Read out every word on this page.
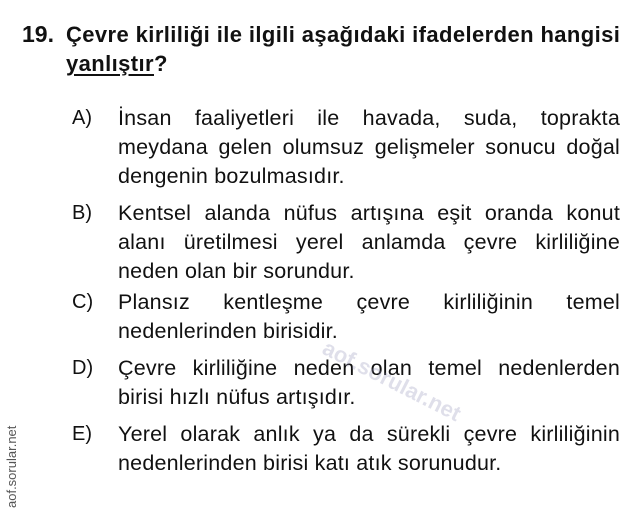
19. Çevre kirliliği ile ilgili aşağıdaki ifadelerden hangisi yanlıştır?
A)	İnsan faaliyetleri ile havada, suda, toprakta meydana gelen olumsuz gelişmeler sonucu doğal dengenin bozulmasıdır.
B)	Kentsel alanda nüfus artışına eşit oranda konut alanı üretilmesi yerel anlamda çevre kirliliğine neden olan bir sorundur.
C)	Plansız kentleşme çevre kirliliğinin temel nedenlerinden birisidir.
D)	Çevre kirliliğine neden olan temel nedenlerden birisi hızlı nüfus artışıdır.
E)	Yerel olarak anlık ya da sürekli çevre kirliliğinin nedenlerinden birisi katı atık sorunudur.
aof.sorular.net
aof.sorular.net
